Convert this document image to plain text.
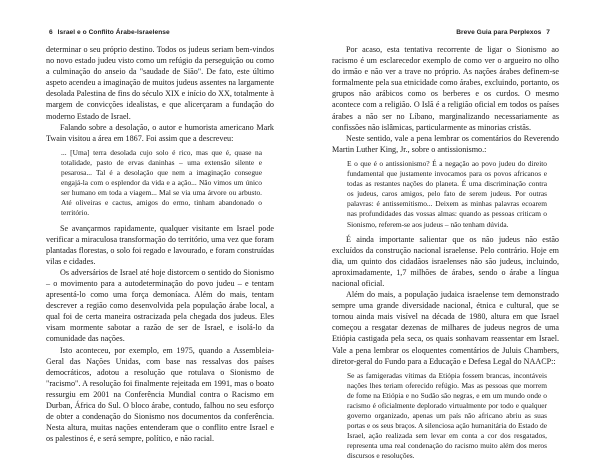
6 Israel e o Conflito Árabe-Israelense

determinar o seu próprio destino. Todos os judeus seriam bem-vindos no novo estado judeu visto como um refúgio da perseguição ou como a culminação do anseio da "saudade de Sião". De fato, este último aspeto acendeu a imaginação de muitos judeus assentes na largamente desolada Palestina de fins do século XIX e início do XX, totalmente à margem de convicções idealistas, e que alicerçaram a fundação do moderno Estado de Israel.

Falando sobre a desolação, o autor e humorista americano Mark Twain visitou a área em 1867. Foi assim que a descreveu:

... [Uma] terra desolada cujo solo é rico, mas que é, quase na totalidade, pasto de ervas daninhas – uma extensão silente e pesarosa... Tal é a desolação que nem a imaginação consegue engajá-la com o esplendor da vida e a ação... Não vimos um único ser humano em toda a viagem... Mal se via uma árvore ou arbusto. Até oliveiras e cactus, amigos do ermo, tinham abandonado o território.

Se avançarmos rapidamente, qualquer visitante em Israel pode verificar a miraculosa transformação do território, uma vez que foram plantadas florestas, o solo foi regado e lavourado, e foram construídas vilas e cidades.

Os adversários de Israel até hoje distorcem o sentido do Sionismo – o movimento para a autodeterminação do povo judeu – e tentam apresentá-lo como uma força demoníaca. Além do mais, tentam descrever a região como desenvolvida pela população árabe local, a qual foi de certa maneira ostracizada pela chegada dos judeus. Eles visam mormente sabotar a razão de ser de Israel, e isolá-lo da comunidade das nações.

Isto aconteceu, por exemplo, em 1975, quando a Assembleia-Geral das Nações Unidas, com base nas ressalvas dos países democráticos, adotou a resolução que rotulava o Sionismo de "racismo". A resolução foi finalmente rejeitada em 1991, mas o boato ressurgiu em 2001 na Conferência Mundial contra o Racismo em Durban, África do Sul. O bloco árabe, contudo, falhou no seu esforço de obter a condenação do Sionismo nos documentos da conferência. Nesta altura, muitas nações entenderam que o conflito entre Israel e os palestinos é, e será sempre, político, e não racial.

Breve Guia para Perplexos 7

Por acaso, esta tentativa recorrente de ligar o Sionismo ao racismo é um esclarecedor exemplo de como ver o argueiro no olho do irmão e não ver a trave no próprio. As nações árabes definem-se formalmente pela sua etnicidade como árabes, excluindo, portanto, os grupos não arábicos como os berberes e os curdos. O mesmo acontece com a religião. O Islã é a religião oficial em todos os países árabes a não ser no Líbano, marginalizando necessariamente as confissões não islâmicas, particularmente as minorias cristãs.

Neste sentido, vale a pena lembrar os comentários do Reverendo Martin Luther King, Jr., sobre o antissionismo.:

E o que é o antissionismo? É a negação ao povo judeu do direito fundamental que justamente invocamos para os povos africanos e todas as restantes nações do planeta. É uma discriminação contra os judeus, caros amigos, pelo fato de serem judeus. Por outras palavras: é antissemitismo... Deixem as minhas palavras ecoarem nas profundidades das vossas almas: quando as pessoas criticam o Sionismo, referem-se aos judeus – não tenham dúvida.

É ainda importante salientar que os não judeus não estão excluídos da construção nacional israelense. Pelo contrário. Hoje em dia, um quinto dos cidadãos israelenses não são judeus, incluindo, aproximadamente, 1,7 milhões de árabes, sendo o árabe a língua nacional oficial.

Além do mais, a população judaica israelense tem demonstrado sempre uma grande diversidade nacional, étnica e cultural, que se tornou ainda mais visível na década de 1980, altura em que Israel começou a resgatar dezenas de milhares de judeus negros de uma Etiópia castigada pela seca, os quais sonhavam reassentar em Israel. Vale a pena lembrar os eloquentes comentários de Juluis Chambers, diretor-geral do Fundo para a Educação e Defesa Legal do NAACP::

Se as famigeradas vítimas da Etiópia fossem brancas, incontáveis nações lhes teriam oferecido refúgio. Mas as pessoas que morrem de fome na Etiópia e no Sudão são negras, e em um mundo onde o racismo é oficialmente deplorado virtualmente por todo e qualquer governo organizado, apenas um país não africano abriu as suas portas e os seus braços. A silenciosa ação humanitária do Estado de Israel, ação realizada sem levar em conta a cor dos resgatados, representa uma real condenação do racismo muito além dos meros discursos e resoluções.
